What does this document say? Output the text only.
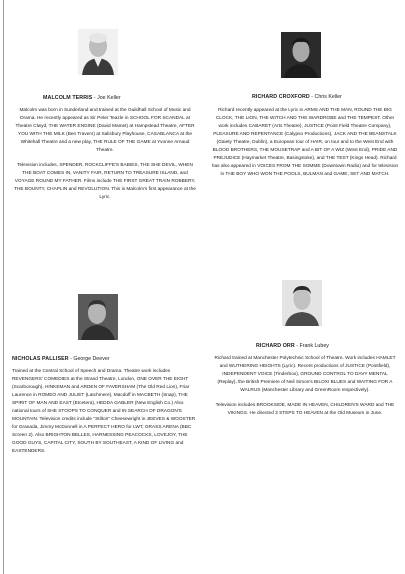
MALCOLM TERRIS - Joe Keller

Malcolm was born in Sunderland and trained at the Guildhall School of Music and Drama. He recently appeared as Sir Peter Teazle in SCHOOL FOR SCANDAL at Theatre Clwyd, THE WATER ENGINE (David Mamet) at Hampstead Theatre, AFTER YOU WITH THE MILK (Ben Travers) at Salisbury Playhouse, CASABLANCA at the Whitehall Theatre and a new play, THE RULE OF THE GAME at Yvonne Arnaud Theatre.

Television includes, SPENDER, ROCKCLIFFE'S BABIES, THE SHE DEVIL, WHEN THE BOAT COMES IN, VANITY FAIR, RETURN TO TREASURE ISLAND, and VOYAGE ROUND MY FATHER. Films include THE FIRST GREAT TRAIN ROBBERY, THE BOUNTY, CHAPLIN and REVOLUTION. This is Malcolm's first appearance at the Lyric.

RICHARD CROXFORD - Chris Keller

Richard recently appeared at the Lyric in ARMS AND THE MAN, ROUND THE BIG CLOCK, THE LION, THE WITCH AND THE WARDROBE and THE TEMPEST. Other work includes CABARET (Arts Theatre), JUSTICE (Point Field Theatre Company), PLEASURE AND REPENTANCE (Calypso Productions), JACK AND THE BEANSTALK (Gaiety Theatre, Dublin), a European tour of HAIR, on tour and to the West End with BLOOD BROTHERS, THE MOUSETRAP and A BIT OF A WIZ (West End), PRIDE AND PREJUDICE (Haymarket Theatre, Basingstoke), and THE TEST (Kings Head). Richard has also appeared in VOICES FROM THE SOMME (Downtown Radio) and for television in THE BOY WHO WON THE POOLS, BULMAN and GAME, SET AND MATCH.

NICHOLAS PALLISER - George Deever

Trained at the Central School of Speech and Drama. Theatre work includes REVENGERS' COMEDIES at the Strand Theatre, London, ONE OVER THE EIGHT (Scarborough), HINKEMAN and ARDEN OF FAVERSHAM (The Old Red Lion), Friar Laurence in ROMEO AND JULIET (Latchmere), Macduff in MACBETH (Snap), THE SPIRIT OF MAN AND EAST (Etcetera), HEDDA GABLER (New English Co.) Also national tours of SHE STOOPS TO CONQUER and IN SEARCH OF DRAGON'S MOUNTAIN. Television credits include "Stilton" Cheesewright in JEEVES & WOOSTER for Granada, Jimmy McDonnell in A PERFECT HERO for LWT, GRASS ARENA (BBC Screen 2). Also BRIGHTON BELLES, HARNESSING PEACOCKS, LOVEJOY, THE GOOD GUYS, CAPITAL CITY, SOUTH BY SOUTHEAST, A KIND OF LIVING and EASTENDERS.

RICHARD ORR - Frank Lubey

Richard trained at Manchester Polytechnic School of Theatre. Work includes HAMLET and WUTHERING HEIGHTS (Lyric). Recent productions of JUSTICE (Pointfield), INDEPENDENT VOICE (Tinderbox), GROUND CONTROL TO DAVY MENTAL (Replay), the British Premiere of Neil Simon's BILOXI BLUES and WAITING FOR A WALRUS (Manchester Library and GreenRoom respectively).

Television includes BROOKSIDE, MADE IN HEAVEN, CHILDREN'S WARD and THE VIKINGS. He directed 3 STEPS TO HEAVEN at the Old Museum in June.
